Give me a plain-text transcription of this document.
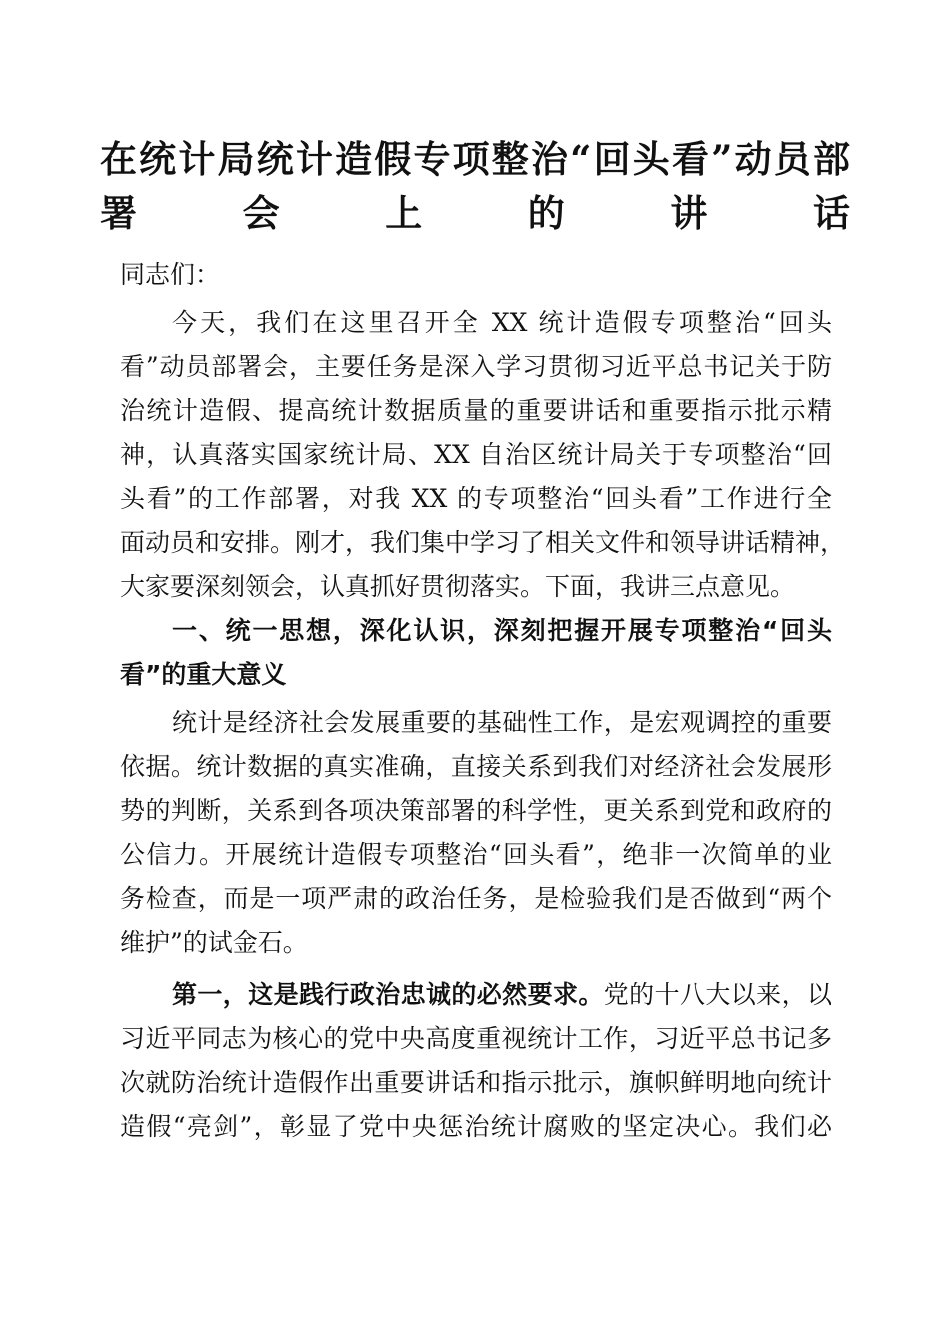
在统计局统计造假专项整治“回头看”动员部
署会上的讲话
同志们：
今天，我们在这里召开全 XX 统计造假专项整治“回头
看”动员部署会，主要任务是深入学习贯彻习近平总书记关于防
治统计造假、提高统计数据质量的重要讲话和重要指示批示精
神，认真落实国家统计局、XX 自治区统计局关于专项整治“回
头看”的工作部署，对我 XX 的专项整治“回头看”工作进行全
面动员和安排。刚才，我们集中学习了相关文件和领导讲话精神，
大家要深刻领会，认真抓好贯彻落实。下面，我讲三点意见。
一、统一思想，深化认识，深刻把握开展专项整治“回头
看”的重大意义
统计是经济社会发展重要的基础性工作，是宏观调控的重要
依据。统计数据的真实准确，直接关系到我们对经济社会发展形
势的判断，关系到各项决策部署的科学性，更关系到党和政府的
公信力。开展统计造假专项整治“回头看”，绝非一次简单的业
务检查，而是一项严肃的政治任务，是检验我们是否做到“两个
维护”的试金石。
第一，这是践行政治忠诚的必然要求。党的十八大以来，以
习近平同志为核心的党中央高度重视统计工作，习近平总书记多
次就防治统计造假作出重要讲话和指示批示，旗帜鲜明地向统计
造假“亮剑”，彰显了党中央惩治统计腐败的坚定决心。我们必
